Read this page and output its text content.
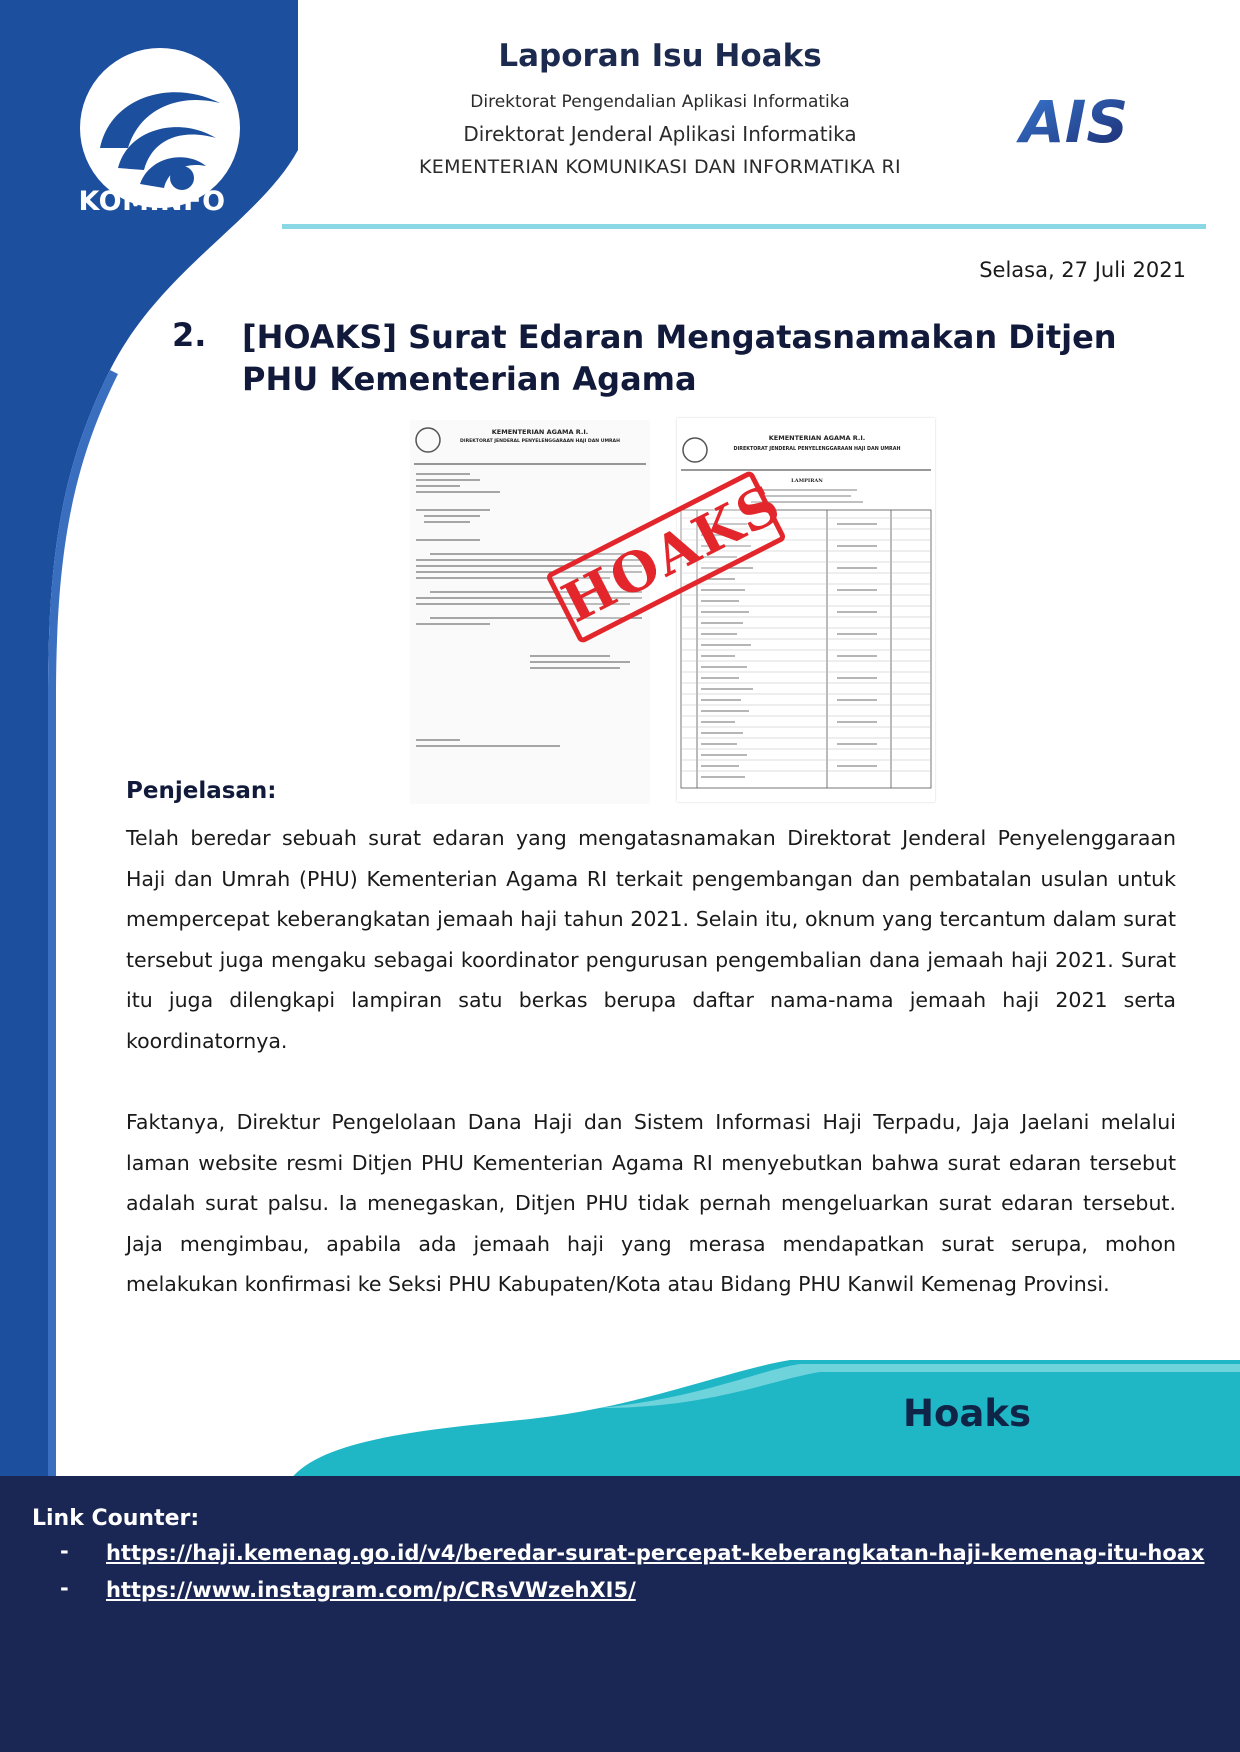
KOMINFO
Laporan Isu Hoaks
Direktorat Pengendalian Aplikasi Informatika
Direktorat Jenderal Aplikasi Informatika
KEMENTERIAN KOMUNIKASI DAN INFORMATIKA RI
AIS
Selasa, 27 Juli 2021
2.	[HOAKS] Surat Edaran Mengatasnamakan Ditjen PHU Kementerian Agama
KEMENTERIAN AGAMA R.I.
DIREKTORAT JENDERAL PENYELENGGARAAN HAJI DAN UMRAH	KEMENTERIAN AGAMA R.I.
DIREKTORAT JENDERAL PENYELENGGARAAN HAJI DAN UMRAH
LAMPIRAN
HOAKS
Penjelasan:

Telah beredar sebuah surat edaran yang mengatasnamakan Direktorat Jenderal Penyelenggaraan Haji dan Umrah (PHU) Kementerian Agama RI terkait pengembangan dan pembatalan usulan untuk mempercepat keberangkatan jemaah haji tahun 2021. Selain itu, oknum yang tercantum dalam surat tersebut juga mengaku sebagai koordinator pengurusan pengembalian dana jemaah haji 2021. Surat itu juga dilengkapi lampiran satu berkas berupa daftar nama-nama jemaah haji 2021 serta koordinatornya.

Faktanya, Direktur Pengelolaan Dana Haji dan Sistem Informasi Haji Terpadu, Jaja Jaelani melalui laman website resmi Ditjen PHU Kementerian Agama RI menyebutkan bahwa surat edaran tersebut adalah surat palsu. Ia menegaskan, Ditjen PHU tidak pernah mengeluarkan surat edaran tersebut. Jaja mengimbau, apabila ada jemaah haji yang merasa mendapatkan surat serupa, mohon melakukan konfirmasi ke Seksi PHU Kabupaten/Kota atau Bidang PHU Kanwil Kemenag Provinsi.

Hoaks
Link Counter:
-	https://haji.kemenag.go.id/v4/beredar-surat-percepat-keberangkatan-haji-kemenag-itu-hoax
-	https://www.instagram.com/p/CRsVWzehXI5/
